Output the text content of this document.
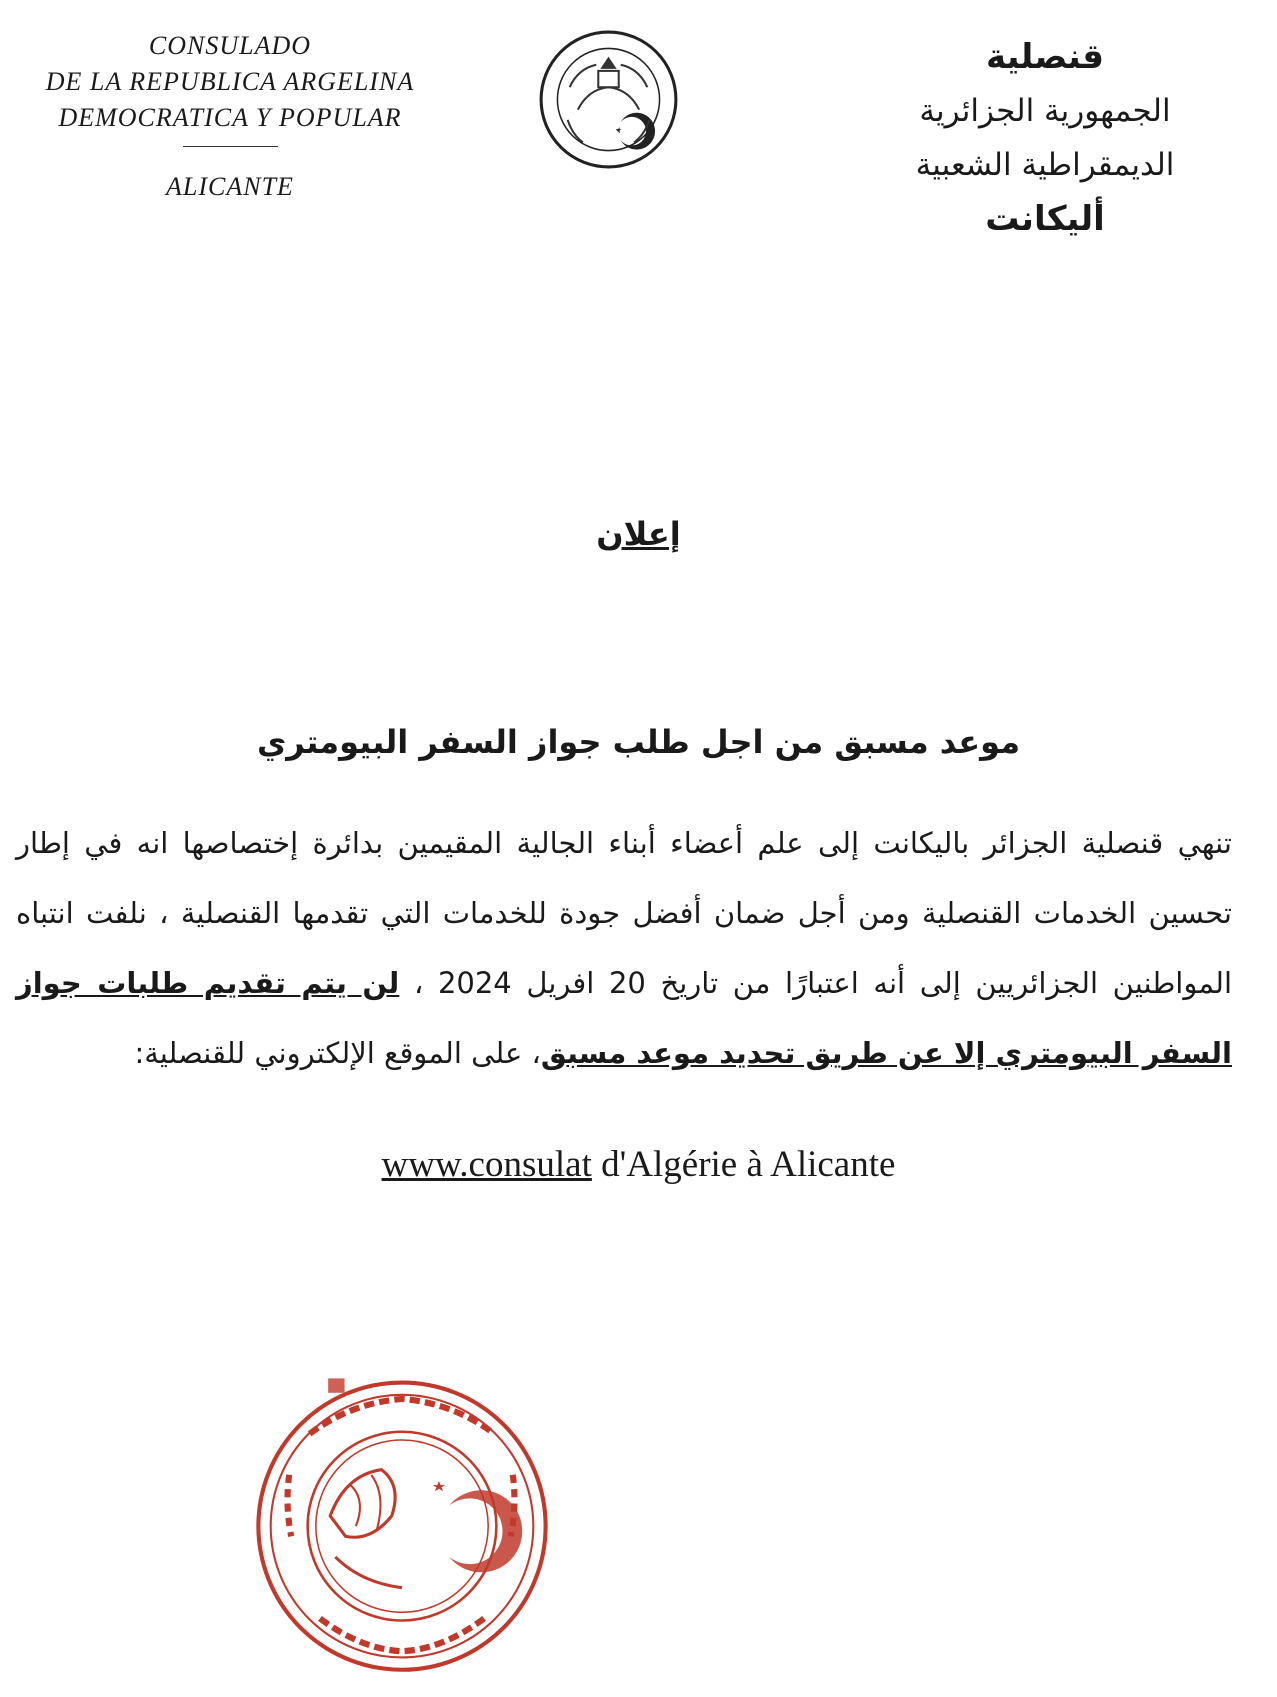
CONSULADO
DE LA REPUBLICA ARGELINA
DEMOCRATICA Y POPULAR
ALICANTE
قنصلية
الجمهورية الجزائرية
الديمقراطية الشعبية
أليكانت
إعلان
موعد مسبق من اجل طلب جواز السفر البيومتري
تنهي قنصلية الجزائر باليكانت إلى علم أعضاء أبناء الجالية المقيمين بدائرة إختصاصها انه في إطار تحسين الخدمات القنصلية ومن أجل ضمان أفضل جودة للخدمات التي تقدمها القنصلية ، نلفت انتباه المواطنين الجزائريين إلى أنه اعتبارًا من تاريخ 20 افريل 2024 ، لن يتم تقديم طلبات جواز السفر البيومتري إلا عن طريق تحديد موعد مسبق، على الموقع الإلكتروني للقنصلية:
www.consulat d'Algérie à Alicante
